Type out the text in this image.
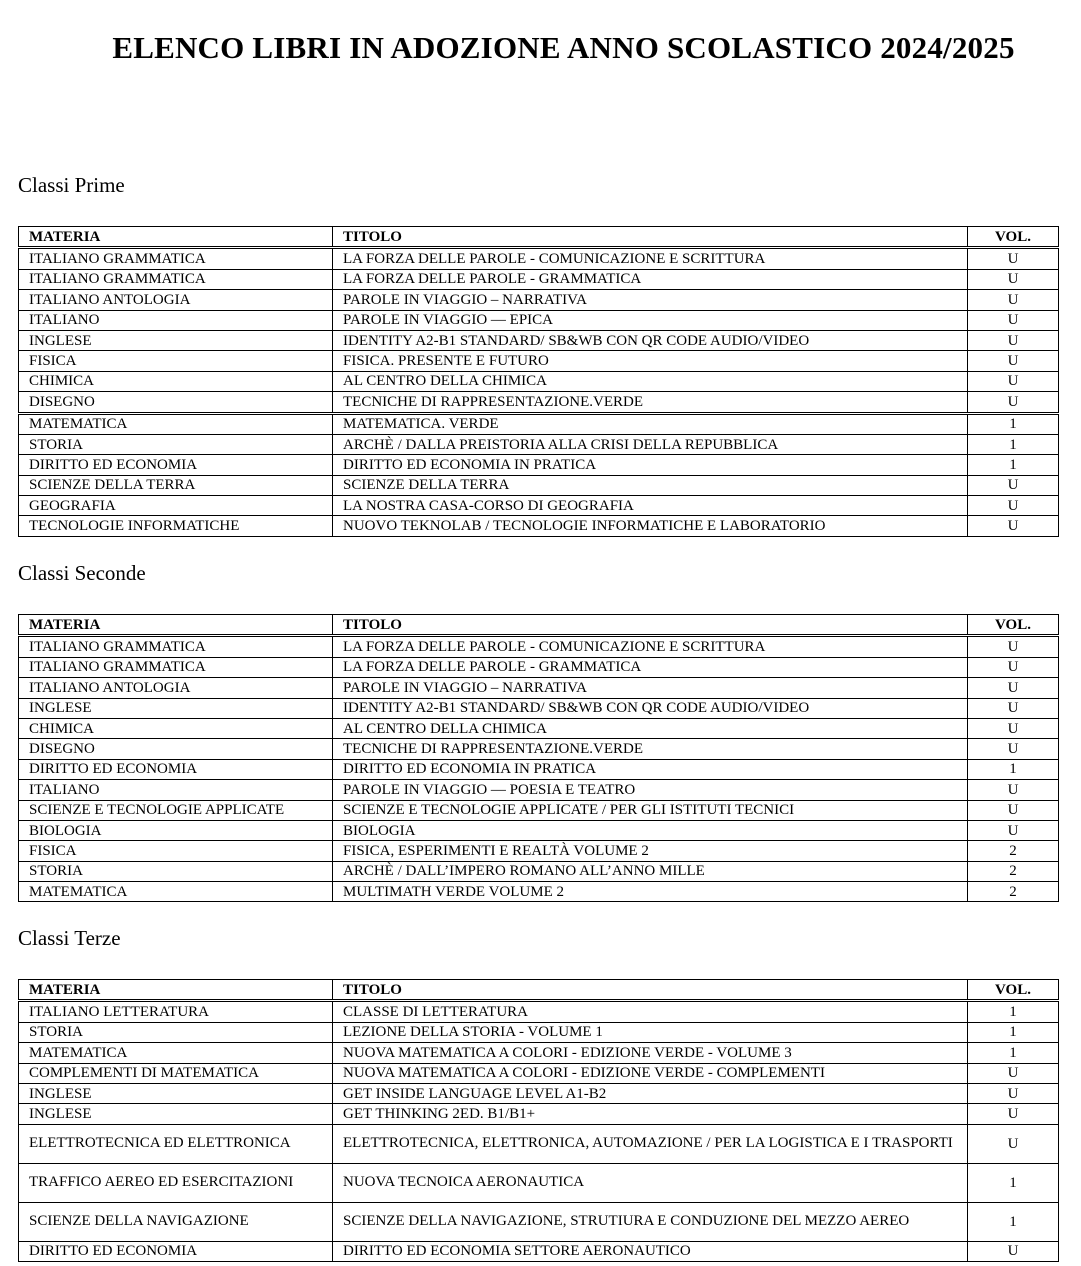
ELENCO LIBRI IN ADOZIONE ANNO SCOLASTICO 2024/2025
Classi Prime
MATERIA	TITOLO	VOL.
ITALIANO GRAMMATICA	LA FORZA DELLE PAROLE - COMUNICAZIONE E SCRITTURA	U
ITALIANO GRAMMATICA	LA FORZA DELLE PAROLE - GRAMMATICA	U
ITALIANO ANTOLOGIA	PAROLE IN VIAGGIO – NARRATIVA	U
ITALIANO	PAROLE IN VIAGGIO — EPICA	U
INGLESE	IDENTITY A2-B1 STANDARD/ SB&WB CON QR CODE AUDIO/VIDEO	U
FISICA	FISICA. PRESENTE E FUTURO	U
CHIMICA	AL CENTRO DELLA CHIMICA	U
DISEGNO	TECNICHE DI RAPPRESENTAZIONE.VERDE	U
MATEMATICA	MATEMATICA. VERDE	1
STORIA	ARCHÈ / DALLA PREISTORIA ALLA CRISI DELLA REPUBBLICA	1
DIRITTO ED ECONOMIA	DIRITTO ED ECONOMIA IN PRATICA	1
SCIENZE DELLA TERRA	SCIENZE DELLA TERRA	U
GEOGRAFIA	LA NOSTRA CASA-CORSO DI GEOGRAFIA	U
TECNOLOGIE INFORMATICHE	NUOVO TEKNOLAB / TECNOLOGIE INFORMATICHE E LABORATORIO	U
Classi Seconde
MATERIA	TITOLO	VOL.
ITALIANO GRAMMATICA	LA FORZA DELLE PAROLE - COMUNICAZIONE E SCRITTURA	U
ITALIANO GRAMMATICA	LA FORZA DELLE PAROLE - GRAMMATICA	U
ITALIANO ANTOLOGIA	PAROLE IN VIAGGIO – NARRATIVA	U
INGLESE	IDENTITY A2-B1 STANDARD/ SB&WB CON QR CODE AUDIO/VIDEO	U
CHIMICA	AL CENTRO DELLA CHIMICA	U
DISEGNO	TECNICHE DI RAPPRESENTAZIONE.VERDE	U
DIRITTO ED ECONOMIA	DIRITTO ED ECONOMIA IN PRATICA	1
ITALIANO	PAROLE IN VIAGGIO — POESIA E TEATRO	U
SCIENZE E TECNOLOGIE APPLICATE	SCIENZE E TECNOLOGIE APPLICATE / PER GLI ISTITUTI TECNICI	U
BIOLOGIA	BIOLOGIA	U
FISICA	FISICA, ESPERIMENTI E REALTÀ VOLUME 2	2
STORIA	ARCHÈ / DALL’IMPERO ROMANO ALL’ANNO MILLE	2
MATEMATICA	MULTIMATH VERDE VOLUME 2	2
Classi Terze
MATERIA	TITOLO	VOL.
ITALIANO LETTERATURA	CLASSE DI LETTERATURA	1
STORIA	LEZIONE DELLA STORIA - VOLUME 1	1
MATEMATICA	NUOVA MATEMATICA A COLORI - EDIZIONE VERDE - VOLUME 3	1
COMPLEMENTI DI MATEMATICA	NUOVA MATEMATICA A COLORI - EDIZIONE VERDE - COMPLEMENTI	U
INGLESE	GET INSIDE LANGUAGE LEVEL A1-B2	U
INGLESE	GET THINKING 2ED. B1/B1+	U
ELETTROTECNICA ED ELETTRONICA	ELETTROTECNICA, ELETTRONICA, AUTOMAZIONE / PER LA LOGISTICA E I TRASPORTI	U
TRAFFICO AEREO ED ESERCITAZIONI	NUOVA TECNOICA AERONAUTICA	1
SCIENZE DELLA NAVIGAZIONE	SCIENZE DELLA NAVIGAZIONE, STRUTIURA E CONDUZIONE DEL MEZZO AEREO	1
DIRITTO ED ECONOMIA	DIRITTO ED ECONOMIA SETTORE AERONAUTICO	U
